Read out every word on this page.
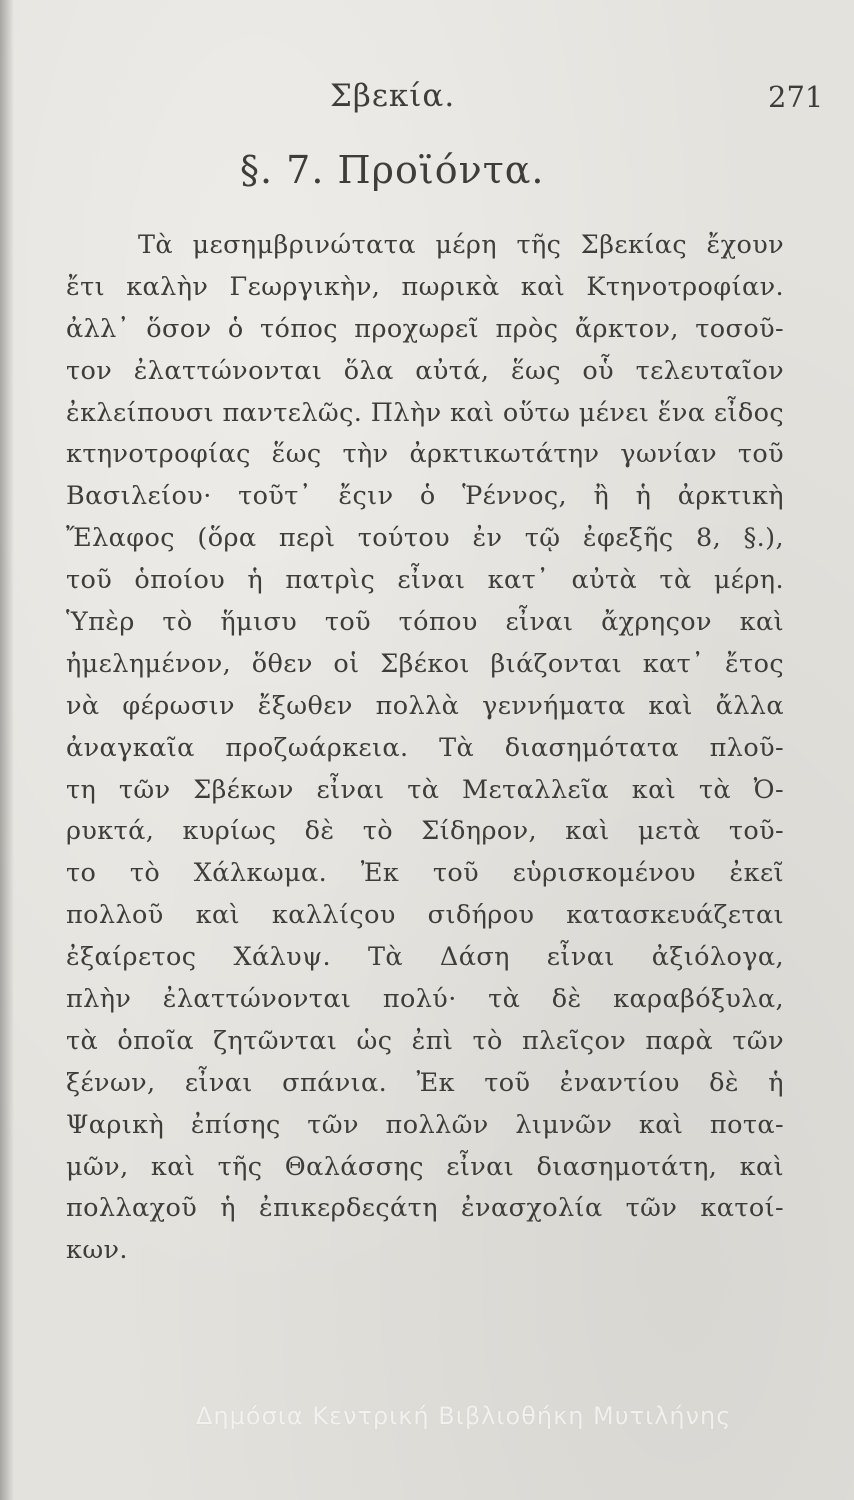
Σβεκία.	271
§. 7. Προϊόντα.
Τὰ μεσημβρινώτατα μέρη τῆς Σβεκίας ἔχουν
ἔτι καλὴν Γεωργικὴν, πωρικὰ καὶ Κτηνοτροφίαν.
ἀλλ᾽ ὅσον ὁ τόπος προχωρεῖ πρὸς ἄρκτον, τοσοῦ-
τον ἐλαττώνονται ὅλα αὐτά, ἕως οὗ τελευταῖον
ἐκλείπουσι παντελῶς. Πλὴν καὶ οὕτω μένει ἕνα εἶδος
κτηνοτροφίας ἕως τὴν ἀρκτικωτάτην γωνίαν τοῦ
Βασιλείου· τοῦτ᾽ ἔςιν ὁ Ῥέννος, ἢ ἡ ἀρκτικὴ
Ἔλαφος (ὅρα περὶ τούτου ἐν τῷ ἐφεξῆς 8, §.),
τοῦ ὁποίου ἡ πατρὶς εἶναι κατ᾽ αὐτὰ τὰ μέρη.
Ὑπὲρ τὸ ἥμισυ τοῦ τόπου εἶναι ἄχρηςον καὶ
ἠμελημένον, ὅθεν οἱ Σβέκοι βιάζονται κατ᾽ ἔτος
νὰ φέρωσιν ἔξωθεν πολλὰ γεννήματα καὶ ἄλλα
ἀναγκαῖα προζωάρκεια. Τὰ διασημότατα πλοῦ-
τη τῶν Σβέκων εἶναι τὰ Μεταλλεῖα καὶ τὰ Ὀ-
ρυκτά, κυρίως δὲ τὸ Σίδηρον, καὶ μετὰ τοῦ-
το τὸ Χάλκωμα. Ἐκ τοῦ εὑρισκομένου ἐκεῖ
πολλοῦ καὶ καλλίςου σιδήρου κατασκευάζεται
ἐξαίρετος Χάλυψ. Τὰ Δάση εἶναι ἀξιόλογα,
πλὴν ἐλαττώνονται πολύ· τὰ δὲ καραβόξυλα,
τὰ ὁποῖα ζητῶνται ὡς ἐπὶ τὸ πλεῖςον παρὰ τῶν
ξένων, εἶναι σπάνια. Ἐκ τοῦ ἐναντίου δὲ ἡ
Ψαρικὴ ἐπίσης τῶν πολλῶν λιμνῶν καὶ ποτα-
μῶν, καὶ τῆς Θαλάσσης εἶναι διασημοτάτη, καὶ
πολλαχοῦ ἡ ἐπικερδεςάτη ἐνασχολία τῶν κατοί-
κων.
Δημόσια Κεντρική Βιβλιοθήκη Μυτιλήνης
